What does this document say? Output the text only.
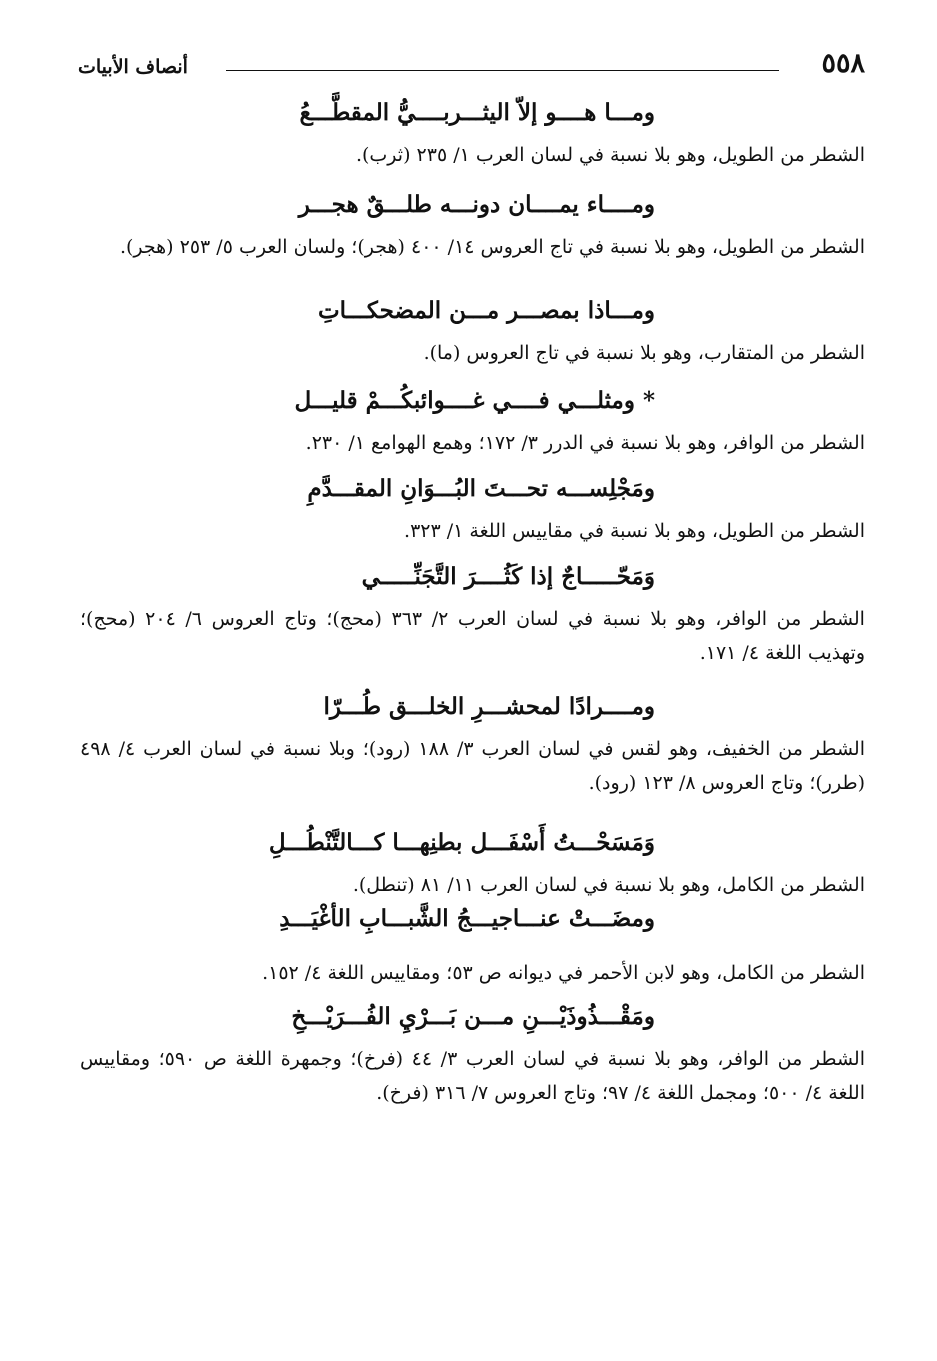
٥٥٨
أنصاف الأبيات
ومـــا هــــو إلاّ اليثـــربــــيُّ المقطَّـــعُ
الشطر من الطويل، وهو بلا نسبة في لسان العرب ١/ ٢٣٥ (ثرب).
ومــــاء يمــــان دونـــه طلـــقٌ هجـــر
الشطر من الطويل، وهو بلا نسبة في تاج العروس ١٤/ ٤٠٠ (هجر)؛ ولسان العرب ٥/ ٢٥٣ (هجر).
ومـــاذا بمصـــر مـــن المضحكـــاتِ
الشطر من المتقارب، وهو بلا نسبة في تاج العروس (ما).
* ومثلـــي فــــي غــــوائبكُـــمْ قليـــل
الشطر من الوافر، وهو بلا نسبة في الدرر ٣/ ١٧٢؛ وهمع الهوامع ١/ ٢٣٠.
ومَجْلِســـه تحـــتَ البُـــوَانِ المقـــدَّمِ
الشطر من الطويل، وهو بلا نسبة في مقاييس اللغة ١/ ٣٢٣.
وَمَحّـــــاجٌ إذا كَثُــــرَ التَّجَنِّـــــي
الشطر من الوافر، وهو بلا نسبة في لسان العرب ٢/ ٣٦٣ (محج)؛ وتاج العروس ٦/ ٢٠٤ (محج)؛ وتهذيب اللغة ٤/ ١٧١.
ومــــرادًا لمحشـــرِ الخلـــق طُـــرّا
الشطر من الخفيف، وهو لقس في لسان العرب ٣/ ١٨٨ (رود)؛ وبلا نسبة في لسان العرب ٤/ ٤٩٨ (طرر)؛ وتاج العروس ٨/ ١٢٣ (رود).
وَمَسَحْـــتُ أَسْفَـــل بطنِهـــا كـــالتَّنْطُـــلِ
الشطر من الكامل، وهو بلا نسبة في لسان العرب ١١/ ٨١ (تنطل).
ومضَـــتْ عنـــاجيـــجُ الشَّبـــابِ الأغْيَـــدِ
الشطر من الكامل، وهو لابن الأحمر في ديوانه ص ٥٣؛ ومقاييس اللغة ٤/ ١٥٢.
ومَقْـــذُوذَيْـــنِ مـــن بَـــرْيِ الفُـــرَيْـــخِ
الشطر من الوافر، وهو بلا نسبة في لسان العرب ٣/ ٤٤ (فرخ)؛ وجمهرة اللغة ص ٥٩٠؛ ومقاييس اللغة ٤/ ٥٠٠؛ ومجمل اللغة ٤/ ٩٧؛ وتاج العروس ٧/ ٣١٦ (فرخ).
